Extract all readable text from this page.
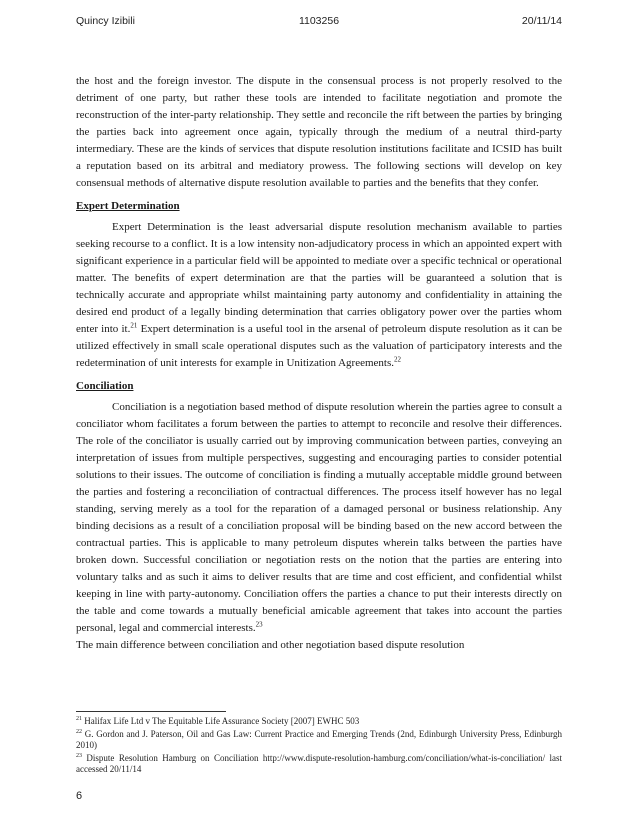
Quincy Izibili	1103256	20/11/14

the host and the foreign investor. The dispute in the consensual process is not properly resolved to the detriment of one party, but rather these tools are intended to facilitate negotiation and promote the reconstruction of the inter-party relationship. They settle and reconcile the rift between the parties by bringing the parties back into agreement once again, typically through the medium of a neutral third-party intermediary. These are the kinds of services that dispute resolution institutions facilitate and ICSID has built a reputation based on its arbitral and mediatory prowess. The following sections will develop on key consensual methods of alternative dispute resolution available to parties and the benefits that they confer.

Expert Determination

Expert Determination is the least adversarial dispute resolution mechanism available to parties seeking recourse to a conflict. It is a low intensity non-adjudicatory process in which an appointed expert with significant experience in a particular field will be appointed to mediate over a specific technical or operational matter. The benefits of expert determination are that the parties will be guaranteed a solution that is technically accurate and appropriate whilst maintaining party autonomy and confidentiality in attaining the desired end product of a legally binding determination that carries obligatory power over the parties whom enter into it.$^{21}$ Expert determination is a useful tool in the arsenal of petroleum dispute resolution as it can be utilized effectively in small scale operational disputes such as the valuation of participatory interests and the redetermination of unit interests for example in Unitization Agreements.$^{22}$

Conciliation

Conciliation is a negotiation based method of dispute resolution wherein the parties agree to consult a conciliator whom facilitates a forum between the parties to attempt to reconcile and resolve their differences. The role of the conciliator is usually carried out by improving communication between parties, conveying an interpretation of issues from multiple perspectives, suggesting and encouraging parties to consider potential solutions to their issues. The outcome of conciliation is finding a mutually acceptable middle ground between the parties and fostering a reconciliation of contractual differences. The process itself however has no legal standing, serving merely as a tool for the reparation of a damaged personal or business relationship. Any binding decisions as a result of a conciliation proposal will be binding based on the new accord between the contractual parties. This is applicable to many petroleum disputes wherein talks between the parties have broken down. Successful conciliation or negotiation rests on the notion that the parties are entering into voluntary talks and as such it aims to deliver results that are time and cost efficient, and confidential whilst keeping in line with party-autonomy. Conciliation offers the parties a chance to put their interests directly on the table and come towards a mutually beneficial amicable agreement that takes into account the parties personal, legal and commercial interests.$^{23}$

The main difference between conciliation and other negotiation based dispute resolution

$^{21}$ Halifax Life Ltd v The Equitable Life Assurance Society [2007] EWHC 503

$^{22}$ G. Gordon and J. Paterson, Oil and Gas Law: Current Practice and Emerging Trends (2nd, Edinburgh University Press, Edinburgh 2010)

$^{23}$ Dispute Resolution Hamburg on Conciliation http://www.dispute-resolution-hamburg.com/conciliation/what-is-conciliation/ last accessed 20/11/14

6
